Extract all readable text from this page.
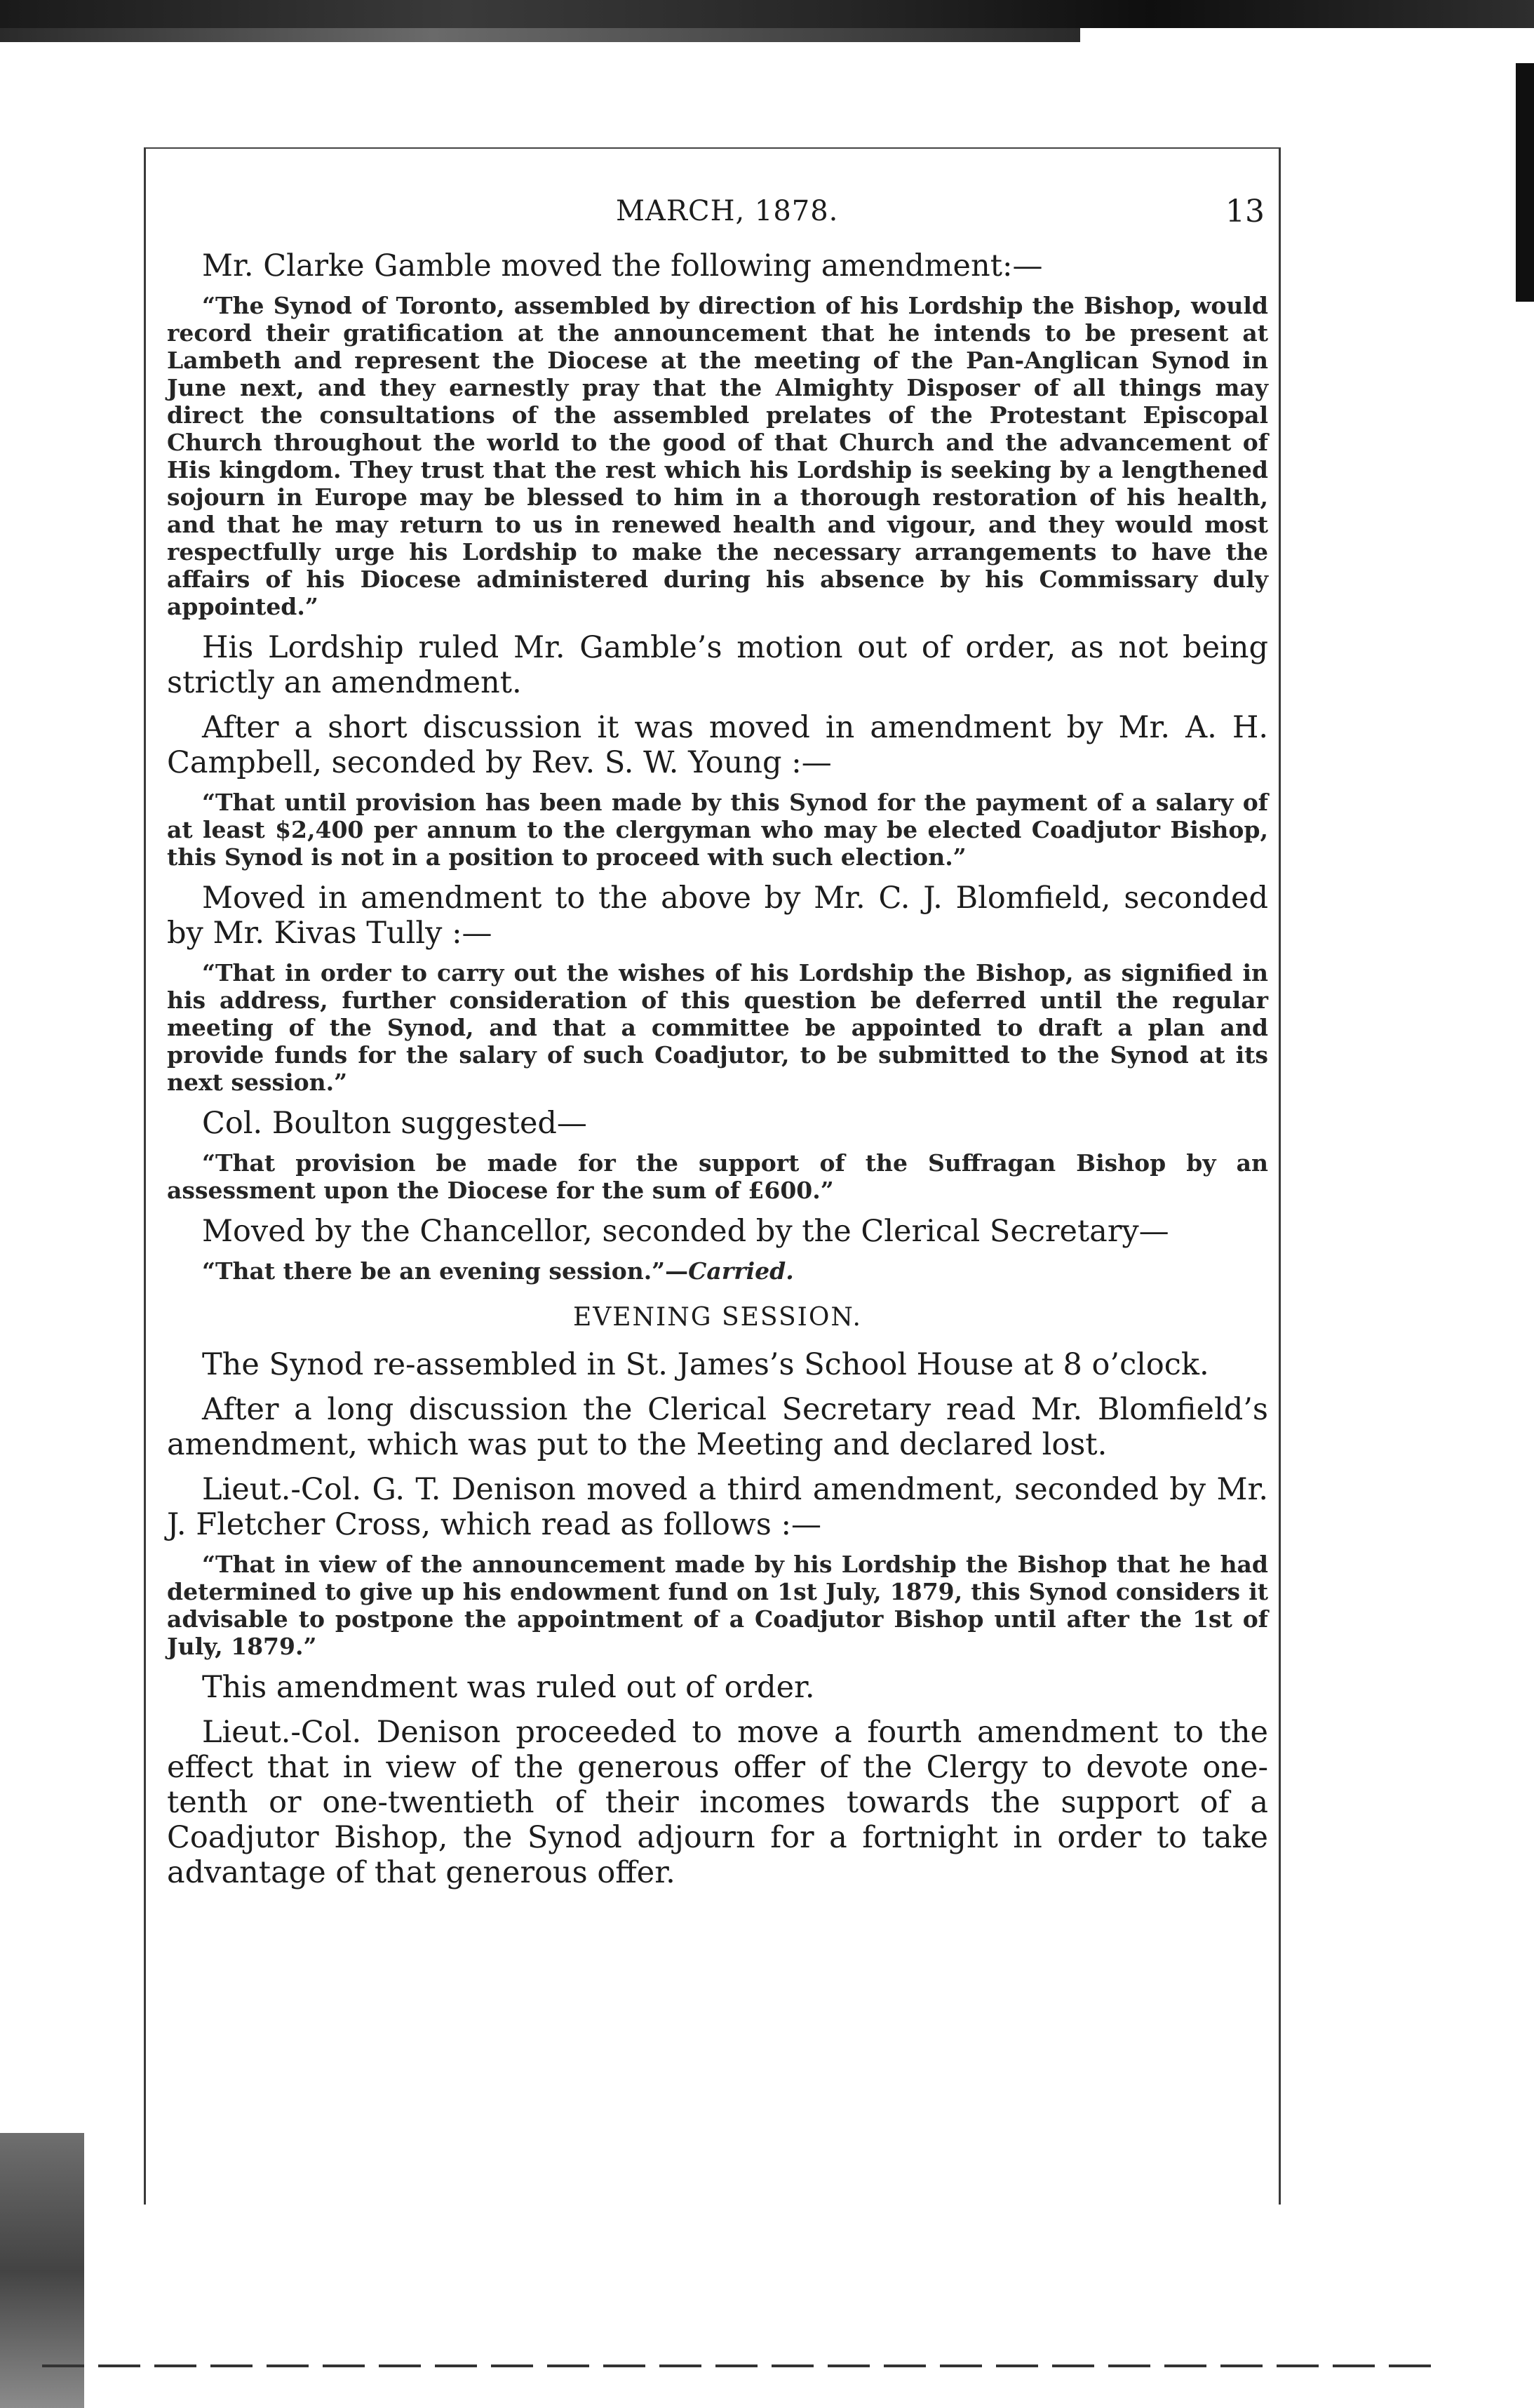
MARCH, 1878.	13

Mr. Clarke Gamble moved the following amendment:—

“The Synod of Toronto, assembled by direction of his Lordship the Bishop, would record their gratification at the announcement that he intends to be present at Lambeth and represent the Diocese at the meeting of the Pan-Anglican Synod in June next, and they earnestly pray that the Almighty Disposer of all things may direct the consultations of the assembled prelates of the Protestant Episcopal Church throughout the world to the good of that Church and the advancement of His kingdom. They trust that the rest which his Lordship is seeking by a lengthened sojourn in Europe may be blessed to him in a thorough restoration of his health, and that he may return to us in renewed health and vigour, and they would most respectfully urge his Lordship to make the necessary arrangements to have the affairs of his Diocese administered during his absence by his Commissary duly appointed.”

His Lordship ruled Mr. Gamble’s motion out of order, as not being strictly an amendment.

After a short discussion it was moved in amendment by Mr. A. H. Campbell, seconded by Rev. S. W. Young :—

“That until provision has been made by this Synod for the payment of a salary of at least $2,400 per annum to the clergyman who may be elected Coadjutor Bishop, this Synod is not in a position to proceed with such election.”

Moved in amendment to the above by Mr. C. J. Blomfield, seconded by Mr. Kivas Tully :—

“That in order to carry out the wishes of his Lordship the Bishop, as signified in his address, further consideration of this question be deferred until the regular meeting of the Synod, and that a committee be appointed to draft a plan and provide funds for the salary of such Coadjutor, to be submitted to the Synod at its next session.”

Col. Boulton suggested—

“That provision be made for the support of the Suffragan Bishop by an assessment upon the Diocese for the sum of £600.”

Moved by the Chancellor, seconded by the Clerical Secretary—

“That there be an evening session.”—Carried.

EVENING SESSION.

The Synod re-assembled in St. James’s School House at 8 o’clock.

After a long discussion the Clerical Secretary read Mr. Blomfield’s amendment, which was put to the Meeting and declared lost.

Lieut.-Col. G. T. Denison moved a third amendment, seconded by Mr. J. Fletcher Cross, which read as follows :—

“That in view of the announcement made by his Lordship the Bishop that he had determined to give up his endowment fund on 1st July, 1879, this Synod considers it advisable to postpone the appointment of a Coadjutor Bishop until after the 1st of July, 1879.”

This amendment was ruled out of order.

Lieut.-Col. Denison proceeded to move a fourth amendment to the effect that in view of the generous offer of the Clergy to devote one-tenth or one-twentieth of their incomes towards the support of a Coadjutor Bishop, the Synod adjourn for a fortnight in order to take advantage of that generous offer.
